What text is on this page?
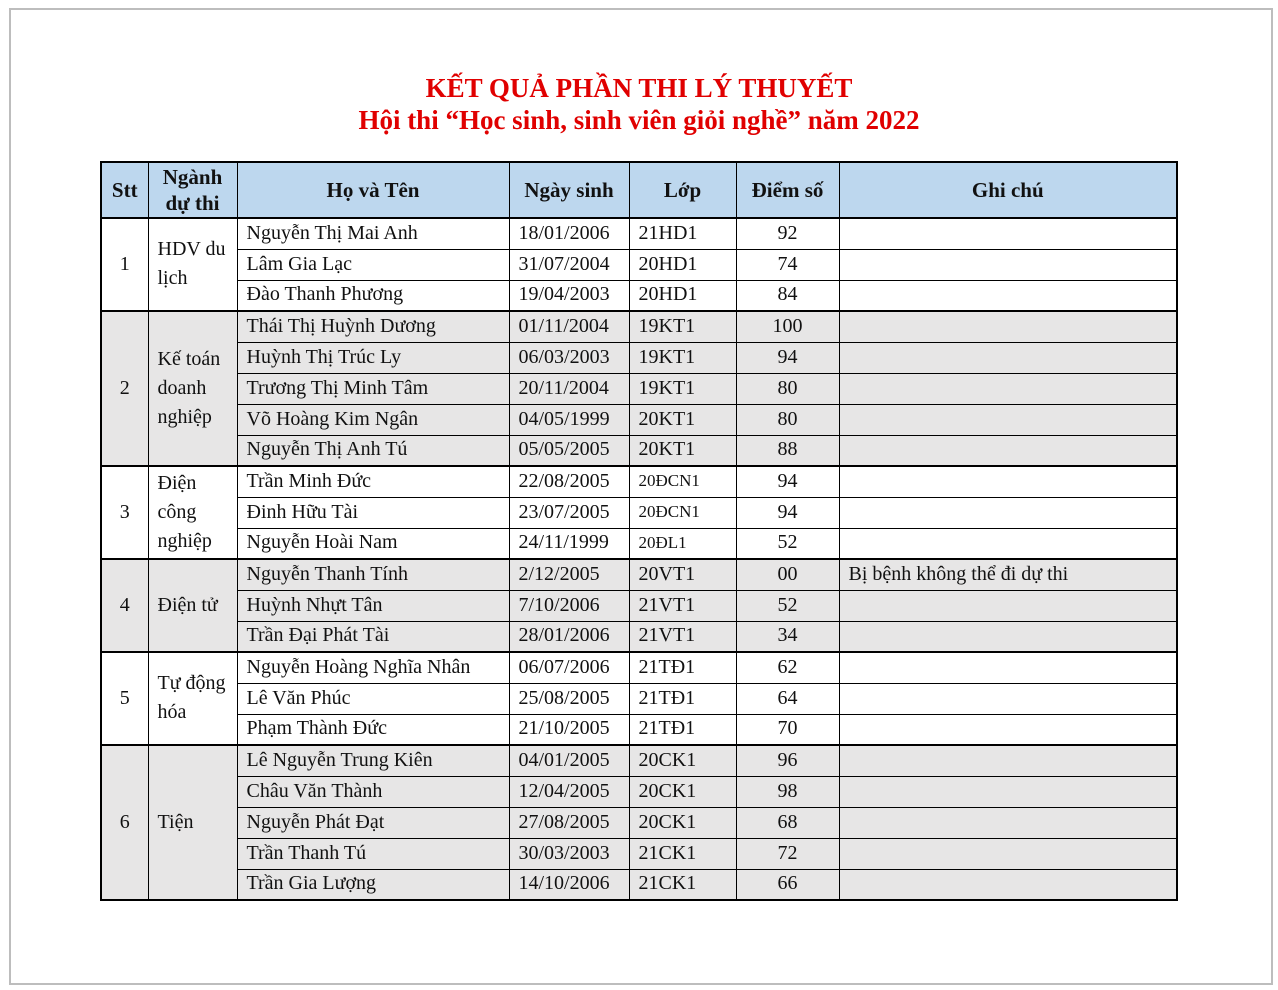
KẾT QUẢ PHẦN THI LÝ THUYẾT
Hội thi “Học sinh, sinh viên giỏi nghề” năm 2022
Stt	Ngành dự thi	Họ và Tên	Ngày sinh	Lớp	Điểm số	Ghi chú
1	HDV du lịch	Nguyễn Thị Mai Anh	18/01/2006	21HD1	92	
		Lâm Gia Lạc	31/07/2004	20HD1	74	
		Đào Thanh Phương	19/04/2003	20HD1	84	
2	Kế toán doanh nghiệp	Thái Thị Huỳnh Dương	01/11/2004	19KT1	100	
		Huỳnh Thị Trúc Ly	06/03/2003	19KT1	94	
		Trương Thị Minh Tâm	20/11/2004	19KT1	80	
		Võ Hoàng Kim Ngân	04/05/1999	20KT1	80	
		Nguyễn Thị Anh Tú	05/05/2005	20KT1	88	
3	Điện công nghiệp	Trần Minh Đức	22/08/2005	20ĐCN1	94	
		Đinh Hữu Tài	23/07/2005	20ĐCN1	94	
		Nguyễn Hoài Nam	24/11/1999	20ĐL1	52	
4	Điện tử	Nguyễn Thanh Tính	2/12/2005	20VT1	00	Bị bệnh không thể đi dự thi
		Huỳnh Nhựt Tân	7/10/2006	21VT1	52	
		Trần Đại Phát Tài	28/01/2006	21VT1	34	
5	Tự động hóa	Nguyễn Hoàng Nghĩa Nhân	06/07/2006	21TĐ1	62	
		Lê Văn Phúc	25/08/2005	21TĐ1	64	
		Phạm Thành Đức	21/10/2005	21TĐ1	70	
6	Tiện	Lê Nguyễn Trung Kiên	04/01/2005	20CK1	96	
		Châu Văn Thành	12/04/2005	20CK1	98	
		Nguyễn Phát Đạt	27/08/2005	20CK1	68	
		Trần Thanh Tú	30/03/2003	21CK1	72	
		Trần Gia Lượng	14/10/2006	21CK1	66	
